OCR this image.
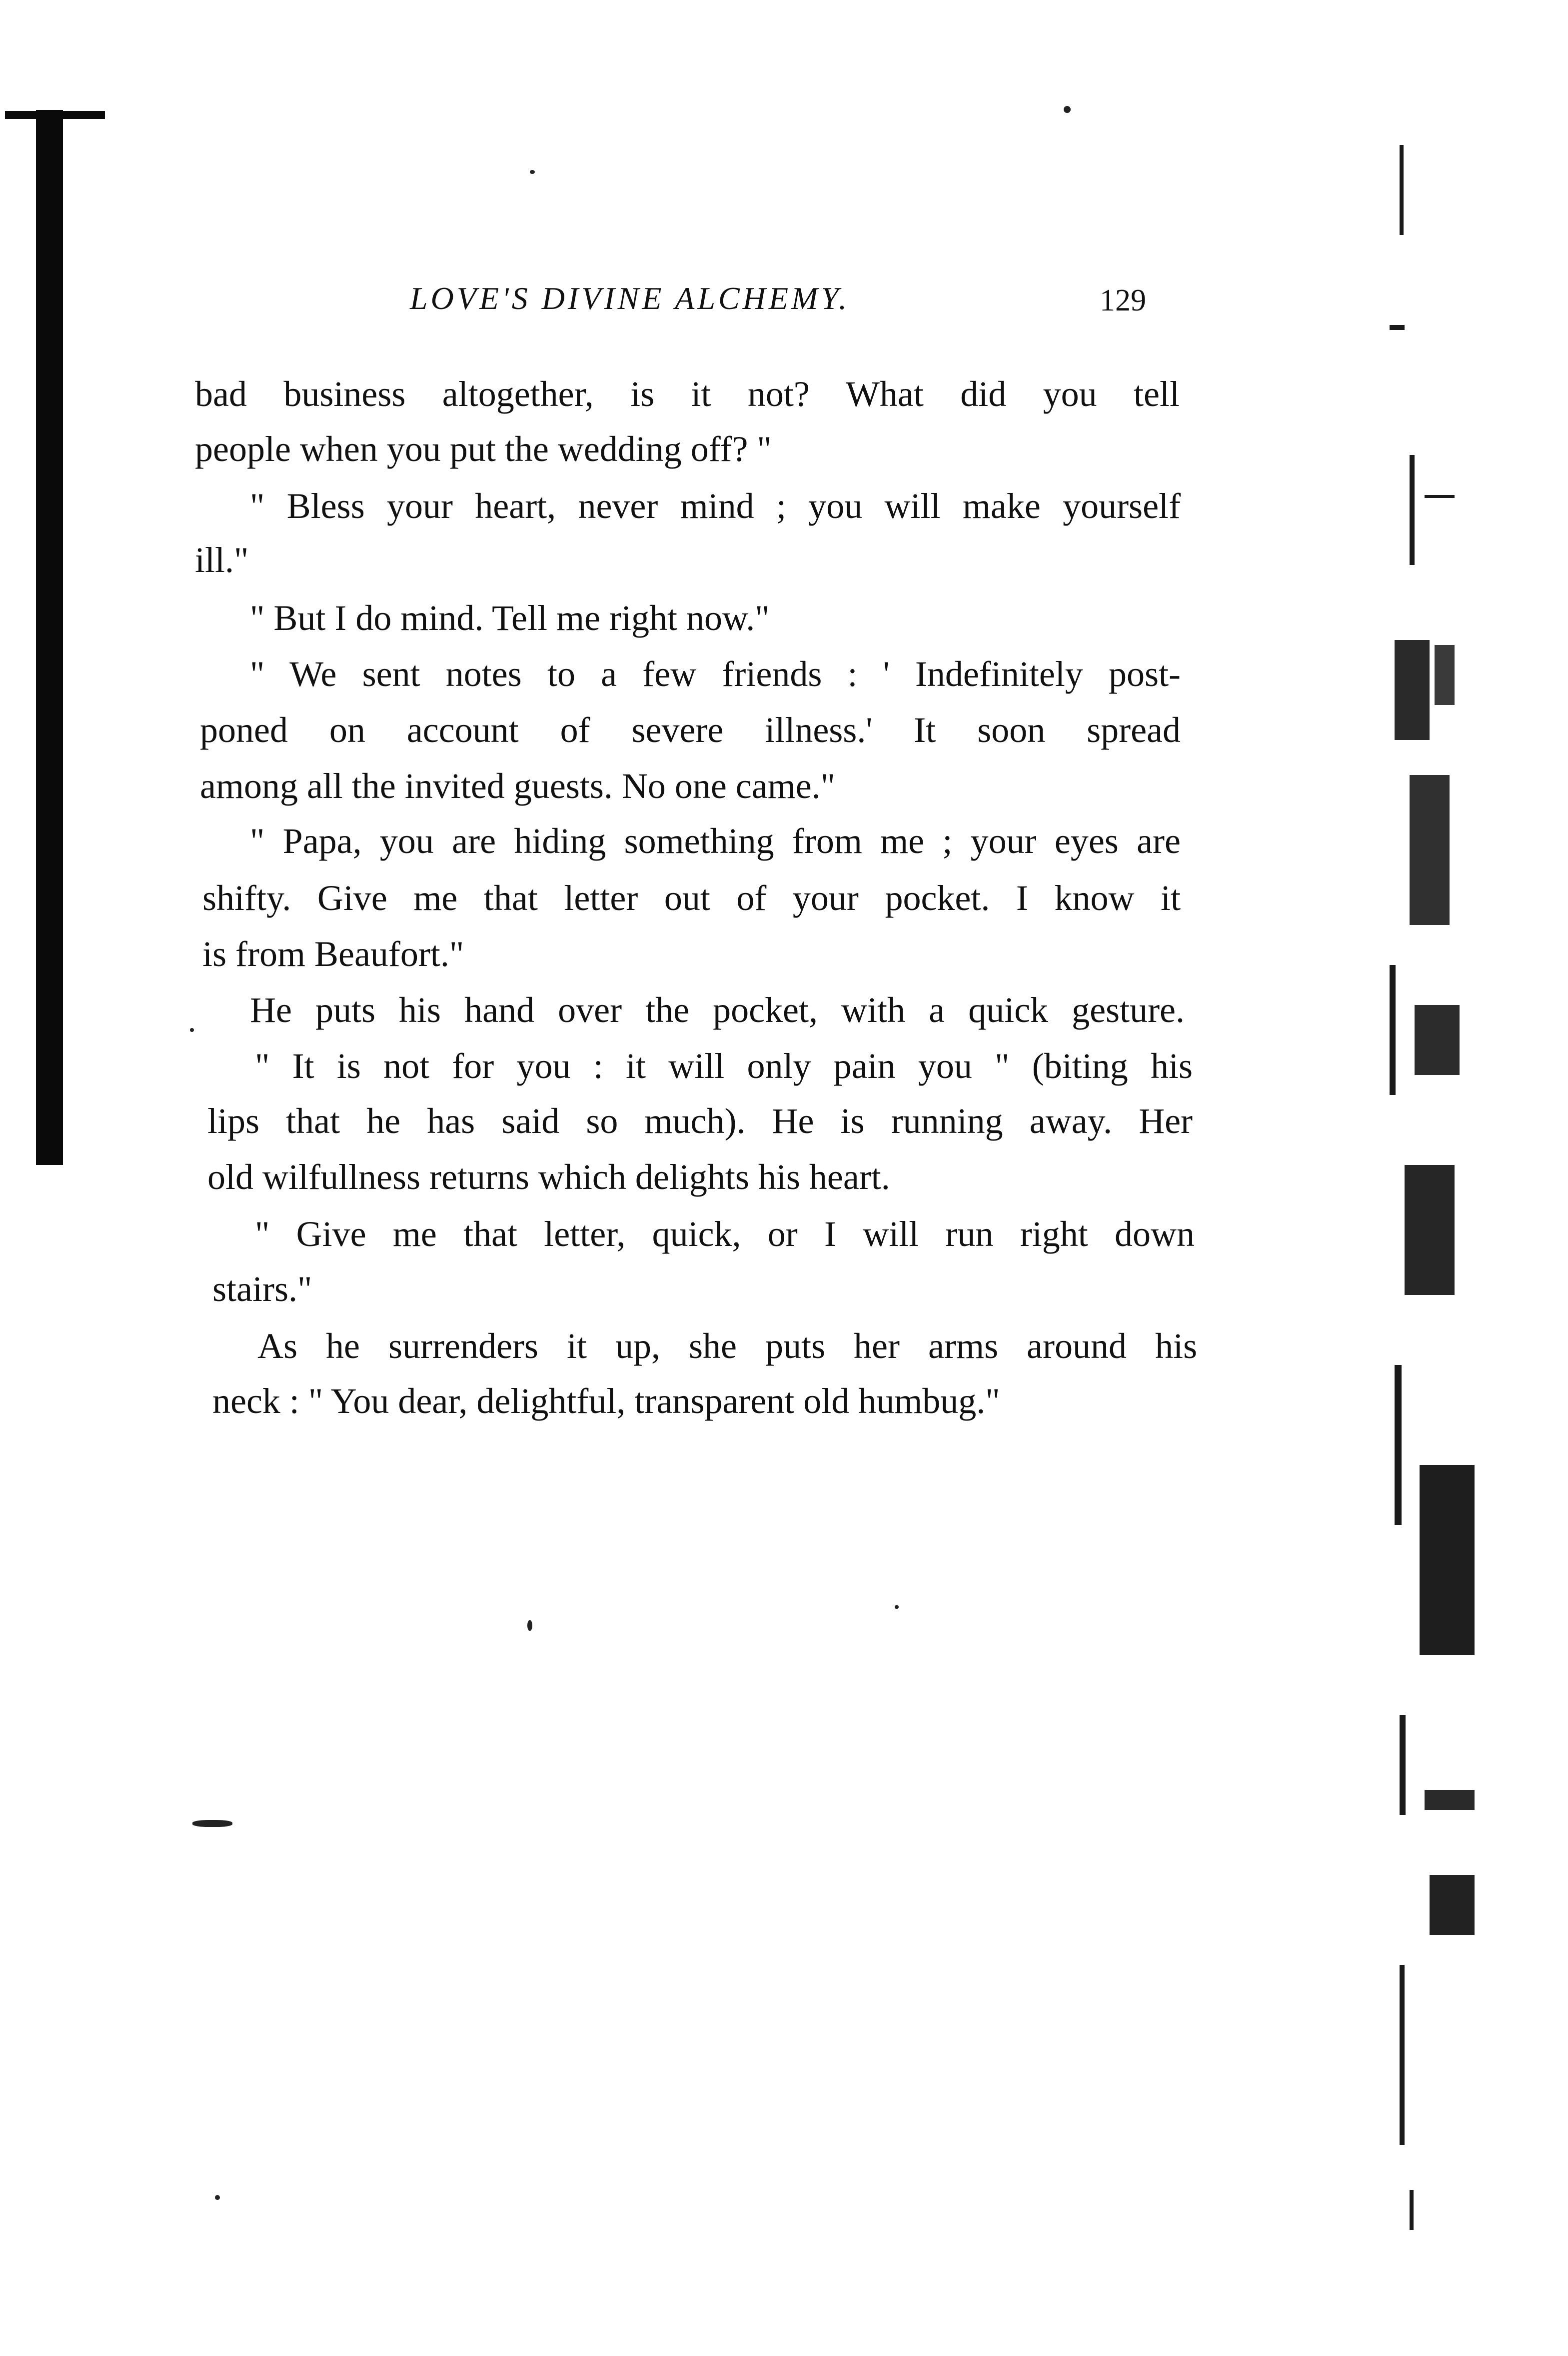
LOVE'S DIVINE ALCHEMY.	129
bad business altogether, is it not? What did you tell
people when you put the wedding off? "
" Bless your heart, never mind ; you will make yourself
ill."
" But I do mind. Tell me right now."
" We sent notes to a few friends : ' Indefinitely post-
poned on account of severe illness.' It soon spread
among all the invited guests. No one came."
" Papa, you are hiding something from me ; your eyes are
shifty. Give me that letter out of your pocket. I know it
is from Beaufort."
He puts his hand over the pocket, with a quick gesture.
" It is not for you : it will only pain you " (biting his
lips that he has said so much). He is running away. Her
old wilfullness returns which delights his heart.
" Give me that letter, quick, or I will run right down
stairs."
As he surrenders it up, she puts her arms around his
neck : " You dear, delightful, transparent old humbug."
